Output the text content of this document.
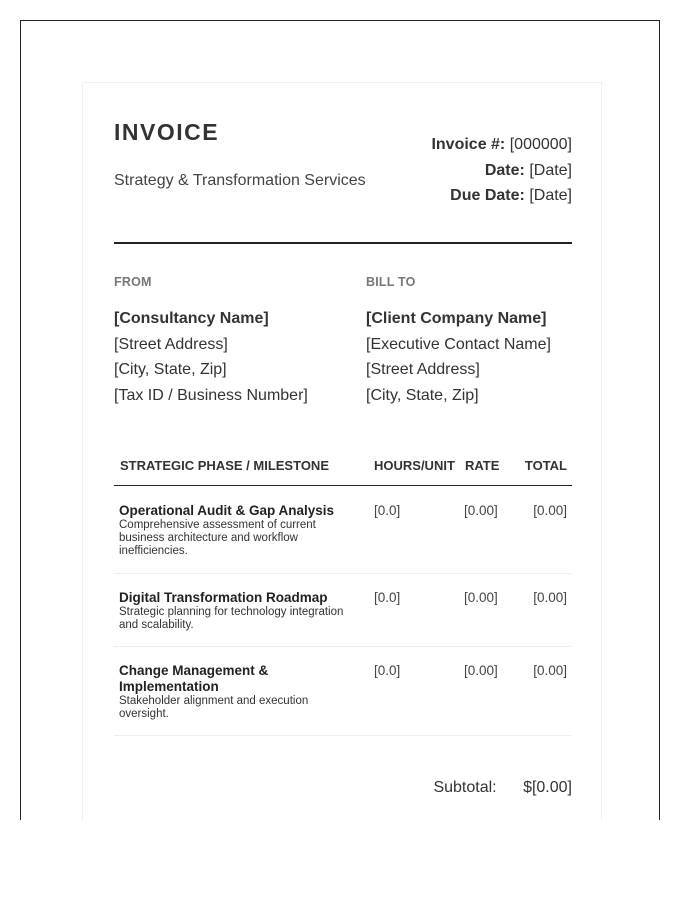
INVOICE
Strategy & Transformation Services
Invoice #: [000000]
Date: [Date]
Due Date: [Date]
FROM
[Consultancy Name]
[Street Address]
[City, State, Zip]
[Tax ID / Business Number]
BILL TO
[Client Company Name]
[Executive Contact Name]
[Street Address]
[City, State, Zip]
STRATEGIC PHASE / MILESTONE	HOURS/UNIT RATE TOTAL
Operational Audit & Gap Analysis
Comprehensive assessment of current business architecture and workflow inefficiencies.
[0.0]	[0.00]	[0.00]
Digital Transformation Roadmap
Strategic planning for technology integration and scalability.
[0.0]	[0.00]	[0.00]
Change Management & Implementation
Stakeholder alignment and execution oversight.
[0.0]	[0.00]	[0.00]
Subtotal: $[0.00]
